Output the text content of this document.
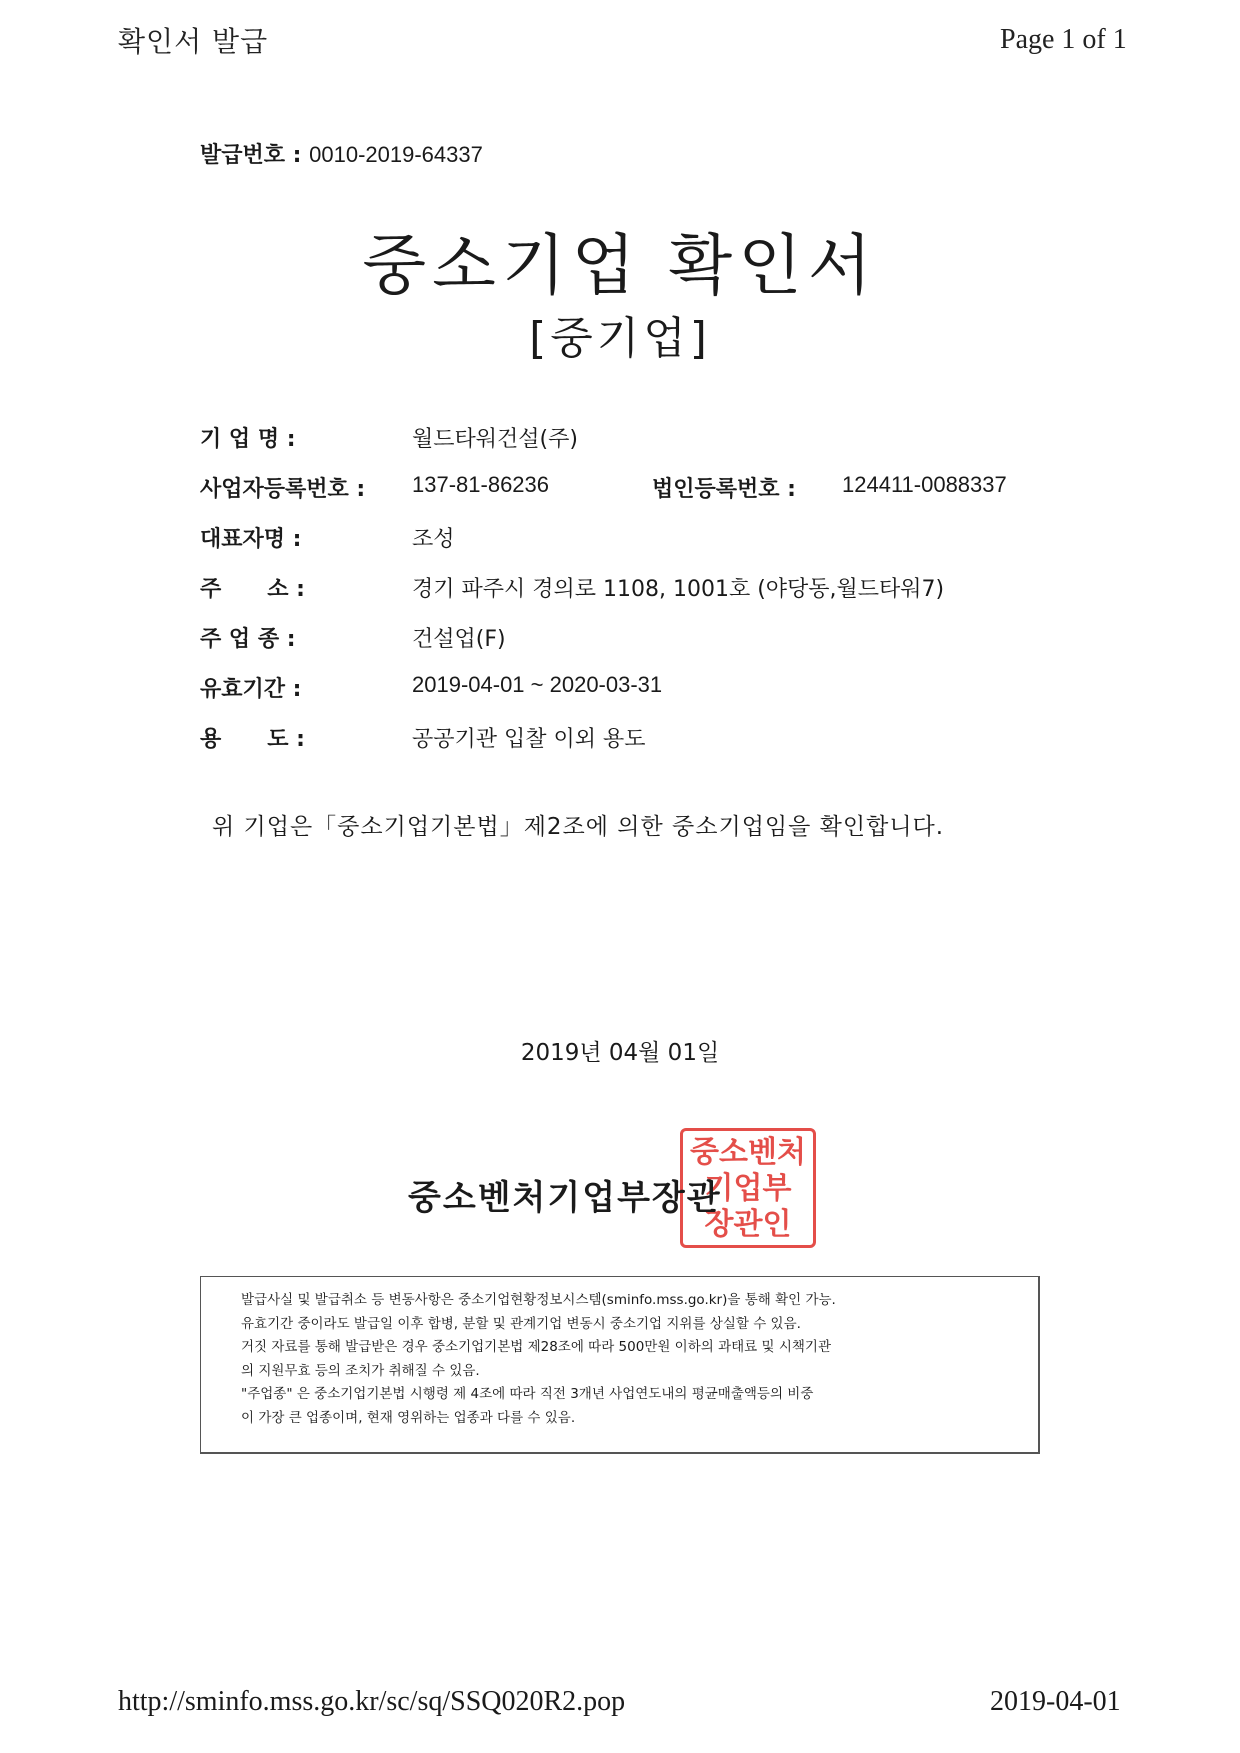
확인서 발급	Page 1 of 1
발급번호 : 0010-2019-64337
중소기업 확인서
[중기업]
기 업 명 :	월드타워건설(주)
사업자등록번호 :	137-81-86236	법인등록번호 :	124411-0088337
대표자명 :	조성
주      소 :	경기 파주시 경의로 1108, 1001호 (야당동,월드타워7)
주 업 종 :	건설업(F)
유효기간 :	2019-04-01 ~ 2020-03-31
용      도 :	공공기관 입찰 이외 용도
위 기업은「중소기업기본법」제2조에 의한 중소기업임을 확인합니다.
2019년 04월 01일
중소벤처
기업부
장관인
중소벤처기업부장관

발급사실 및 발급취소 등 변동사항은 중소기업현황정보시스템(sminfo.mss.go.kr)을 통해 확인 가능.

유효기간 중이라도 발급일 이후 합병, 분할 및 관계기업 변동시 중소기업 지위를 상실할 수 있음.

거짓 자료를 통해 발급받은 경우 중소기업기본법 제28조에 따라 500만원 이하의 과태료 및 시책기관

의 지원무효 등의 조치가 취해질 수 있음.

"주업종" 은 중소기업기본법 시행령 제 4조에 따라 직전 3개년 사업연도내의 평균매출액등의 비중

이 가장 큰 업종이며, 현재 영위하는 업종과 다를 수 있음.

http://sminfo.mss.go.kr/sc/sq/SSQ020R2.pop	2019-04-01
